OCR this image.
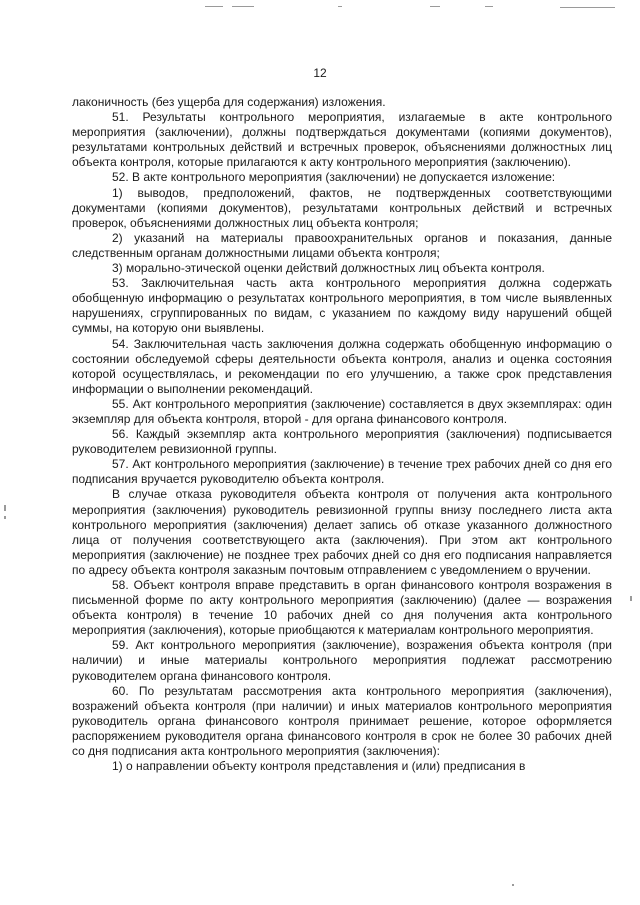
12

лаконичность (без ущерба для содержания) изложения.

51. Результаты контрольного мероприятия, излагаемые в акте контрольного мероприятия (заключении), должны подтверждаться документами (копиями документов), результатами контрольных действий и встречных проверок, объяснениями должностных лиц объекта контроля, которые прилагаются к акту контрольного мероприятия (заключению).

52. В акте контрольного мероприятия (заключении) не допускается изложение:

1) выводов, предположений, фактов, не подтвержденных соответствующими документами (копиями документов), результатами контрольных действий и встречных проверок, объяснениями должностных лиц объекта контроля;

2) указаний на материалы правоохранительных органов и показания, данные следственным органам должностными лицами объекта контроля;

3) морально-этической оценки действий должностных лиц объекта контроля.

53. Заключительная часть акта контрольного мероприятия должна содержать обобщенную информацию о результатах контрольного мероприятия, в том числе выявленных нарушениях, сгруппированных по видам, с указанием по каждому виду нарушений общей суммы, на которую они выявлены.

54. Заключительная часть заключения должна содержать обобщенную информацию о состоянии обследуемой сферы деятельности объекта контроля, анализ и оценка состояния которой осуществлялась, и рекомендации по его улучшению, а также срок представления информации о выполнении рекомендаций.

55. Акт контрольного мероприятия (заключение) составляется в двух экземплярах: один экземпляр для объекта контроля, второй - для органа финансового контроля.

56. Каждый экземпляр акта контрольного мероприятия (заключения) подписывается руководителем ревизионной группы.

57. Акт контрольного мероприятия (заключение) в течение трех рабочих дней со дня его подписания вручается руководителю объекта контроля.

В случае отказа руководителя объекта контроля от получения акта контрольного мероприятия (заключения) руководитель ревизионной группы внизу последнего листа акта контрольного мероприятия (заключения) делает запись об отказе указанного должностного лица от получения соответствующего акта (заключения). При этом акт контрольного мероприятия (заключение) не позднее трех рабочих дней со дня его подписания направляется по адресу объекта контроля заказным почтовым отправлением с уведомлением о вручении.

58. Объект контроля вправе представить в орган финансового контроля возражения в письменной форме по акту контрольного мероприятия (заключению) (далее — возражения объекта контроля) в течение 10 рабочих дней со дня получения акта контрольного мероприятия (заключения), которые приобщаются к материалам контрольного мероприятия.

59. Акт контрольного мероприятия (заключение), возражения объекта контроля (при наличии) и иные материалы контрольного мероприятия подлежат рассмотрению руководителем органа финансового контроля.

60. По результатам рассмотрения акта контрольного мероприятия (заключения), возражений объекта контроля (при наличии) и иных материалов контрольного мероприятия руководитель органа финансового контроля принимает решение, которое оформляется распоряжением руководителя органа финансового контроля в срок не более 30 рабочих дней со дня подписания акта контрольного мероприятия (заключения):

1) о направлении объекту контроля представления и (или) предписания в
